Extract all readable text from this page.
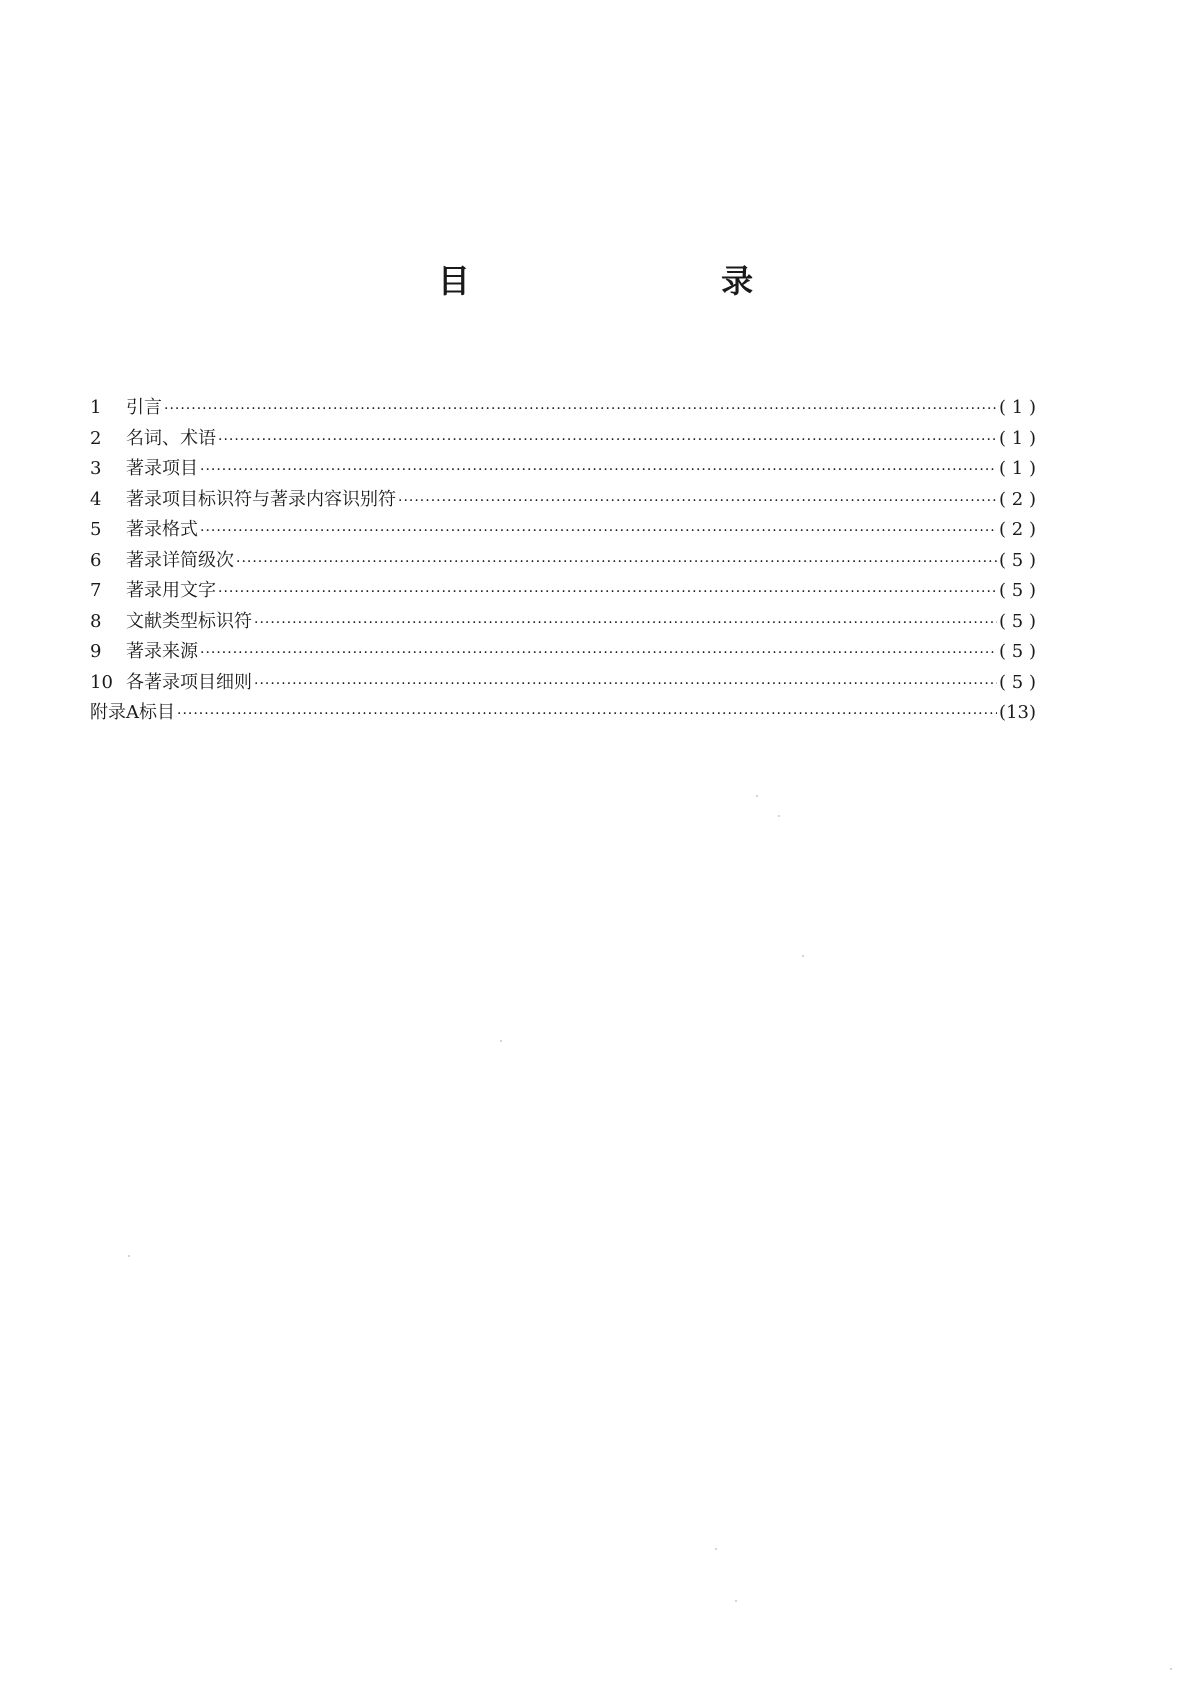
目 录
1	引言 ·····	( 1 )
2	名词、术语 ·····	( 1 )
3	著录项目 ·····	( 1 )
4	著录项目标识符与著录内容识别符 ·····	( 2 )
5	著录格式 ·····	( 2 )
6	著录详简级次 ·····	( 5 )
7	著录用文字 ·····	( 5 )
8	文献类型标识符 ·····	( 5 )
9	著录来源 ·····	( 5 )
10 各著录项目细则 ·····	( 5 )
附录A 标目 ·····	(13)
